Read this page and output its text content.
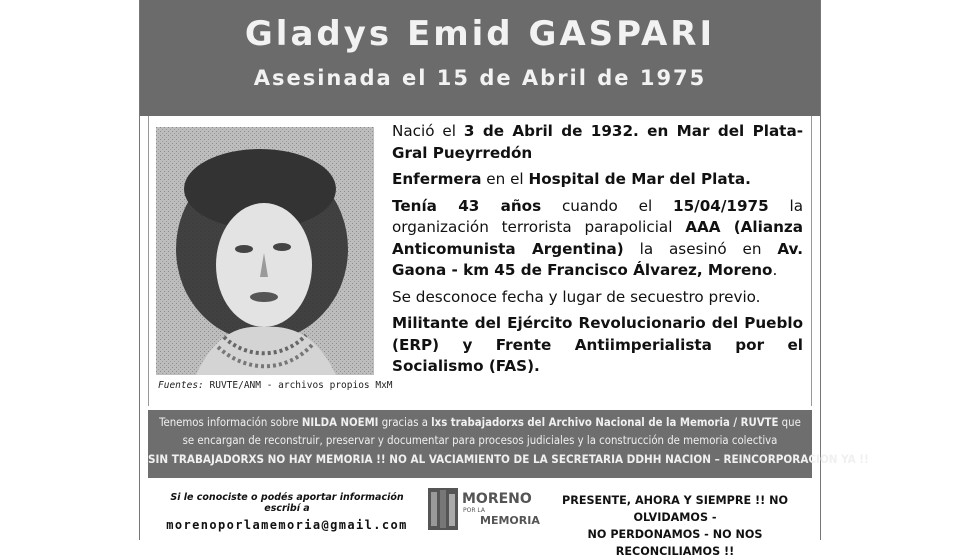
Gladys Emid GASPARI
Asesinada el 15 de Abril de 1975
Fuentes: RUVTE/ANM - archivos propios MxM

Nació el 3 de Abril de 1932. en Mar del Plata-Gral Pueyrredón

Enfermera en el Hospital de Mar del Plata.

Tenía 43 años cuando el 15/04/1975 la organización terrorista parapolicial AAA (Alianza Anticomunista Argentina) la asesinó en Av. Gaona - km 45 de Francisco Álvarez, Moreno.

Se desconoce fecha y lugar de secuestro previo.

Militante del Ejército Revolucionario del Pueblo (ERP) y Frente Antiimperialista por el Socialismo (FAS).

Tenemos información sobre NILDA NOEMI gracias a lxs trabajadorxs del Archivo Nacional de la Memoria / RUVTE que
se encargan de reconstruir, preservar y documentar para procesos judiciales y la construcción de memoria colectiva
SIN TRABAJADORXS NO HAY MEMORIA !! NO AL VACIAMIENTO DE LA SECRETARIA DDHH NACION – REINCORPORACION YA !!
Si le conociste o podés aportar información escribí a
morenoporlamemoria@gmail.com
MORENO
POR LA
MEMORIA
PRESENTE, AHORA Y SIEMPRE !! NO OLVIDAMOS -
NO PERDONAMOS - NO NOS RECONCILIAMOS !!
